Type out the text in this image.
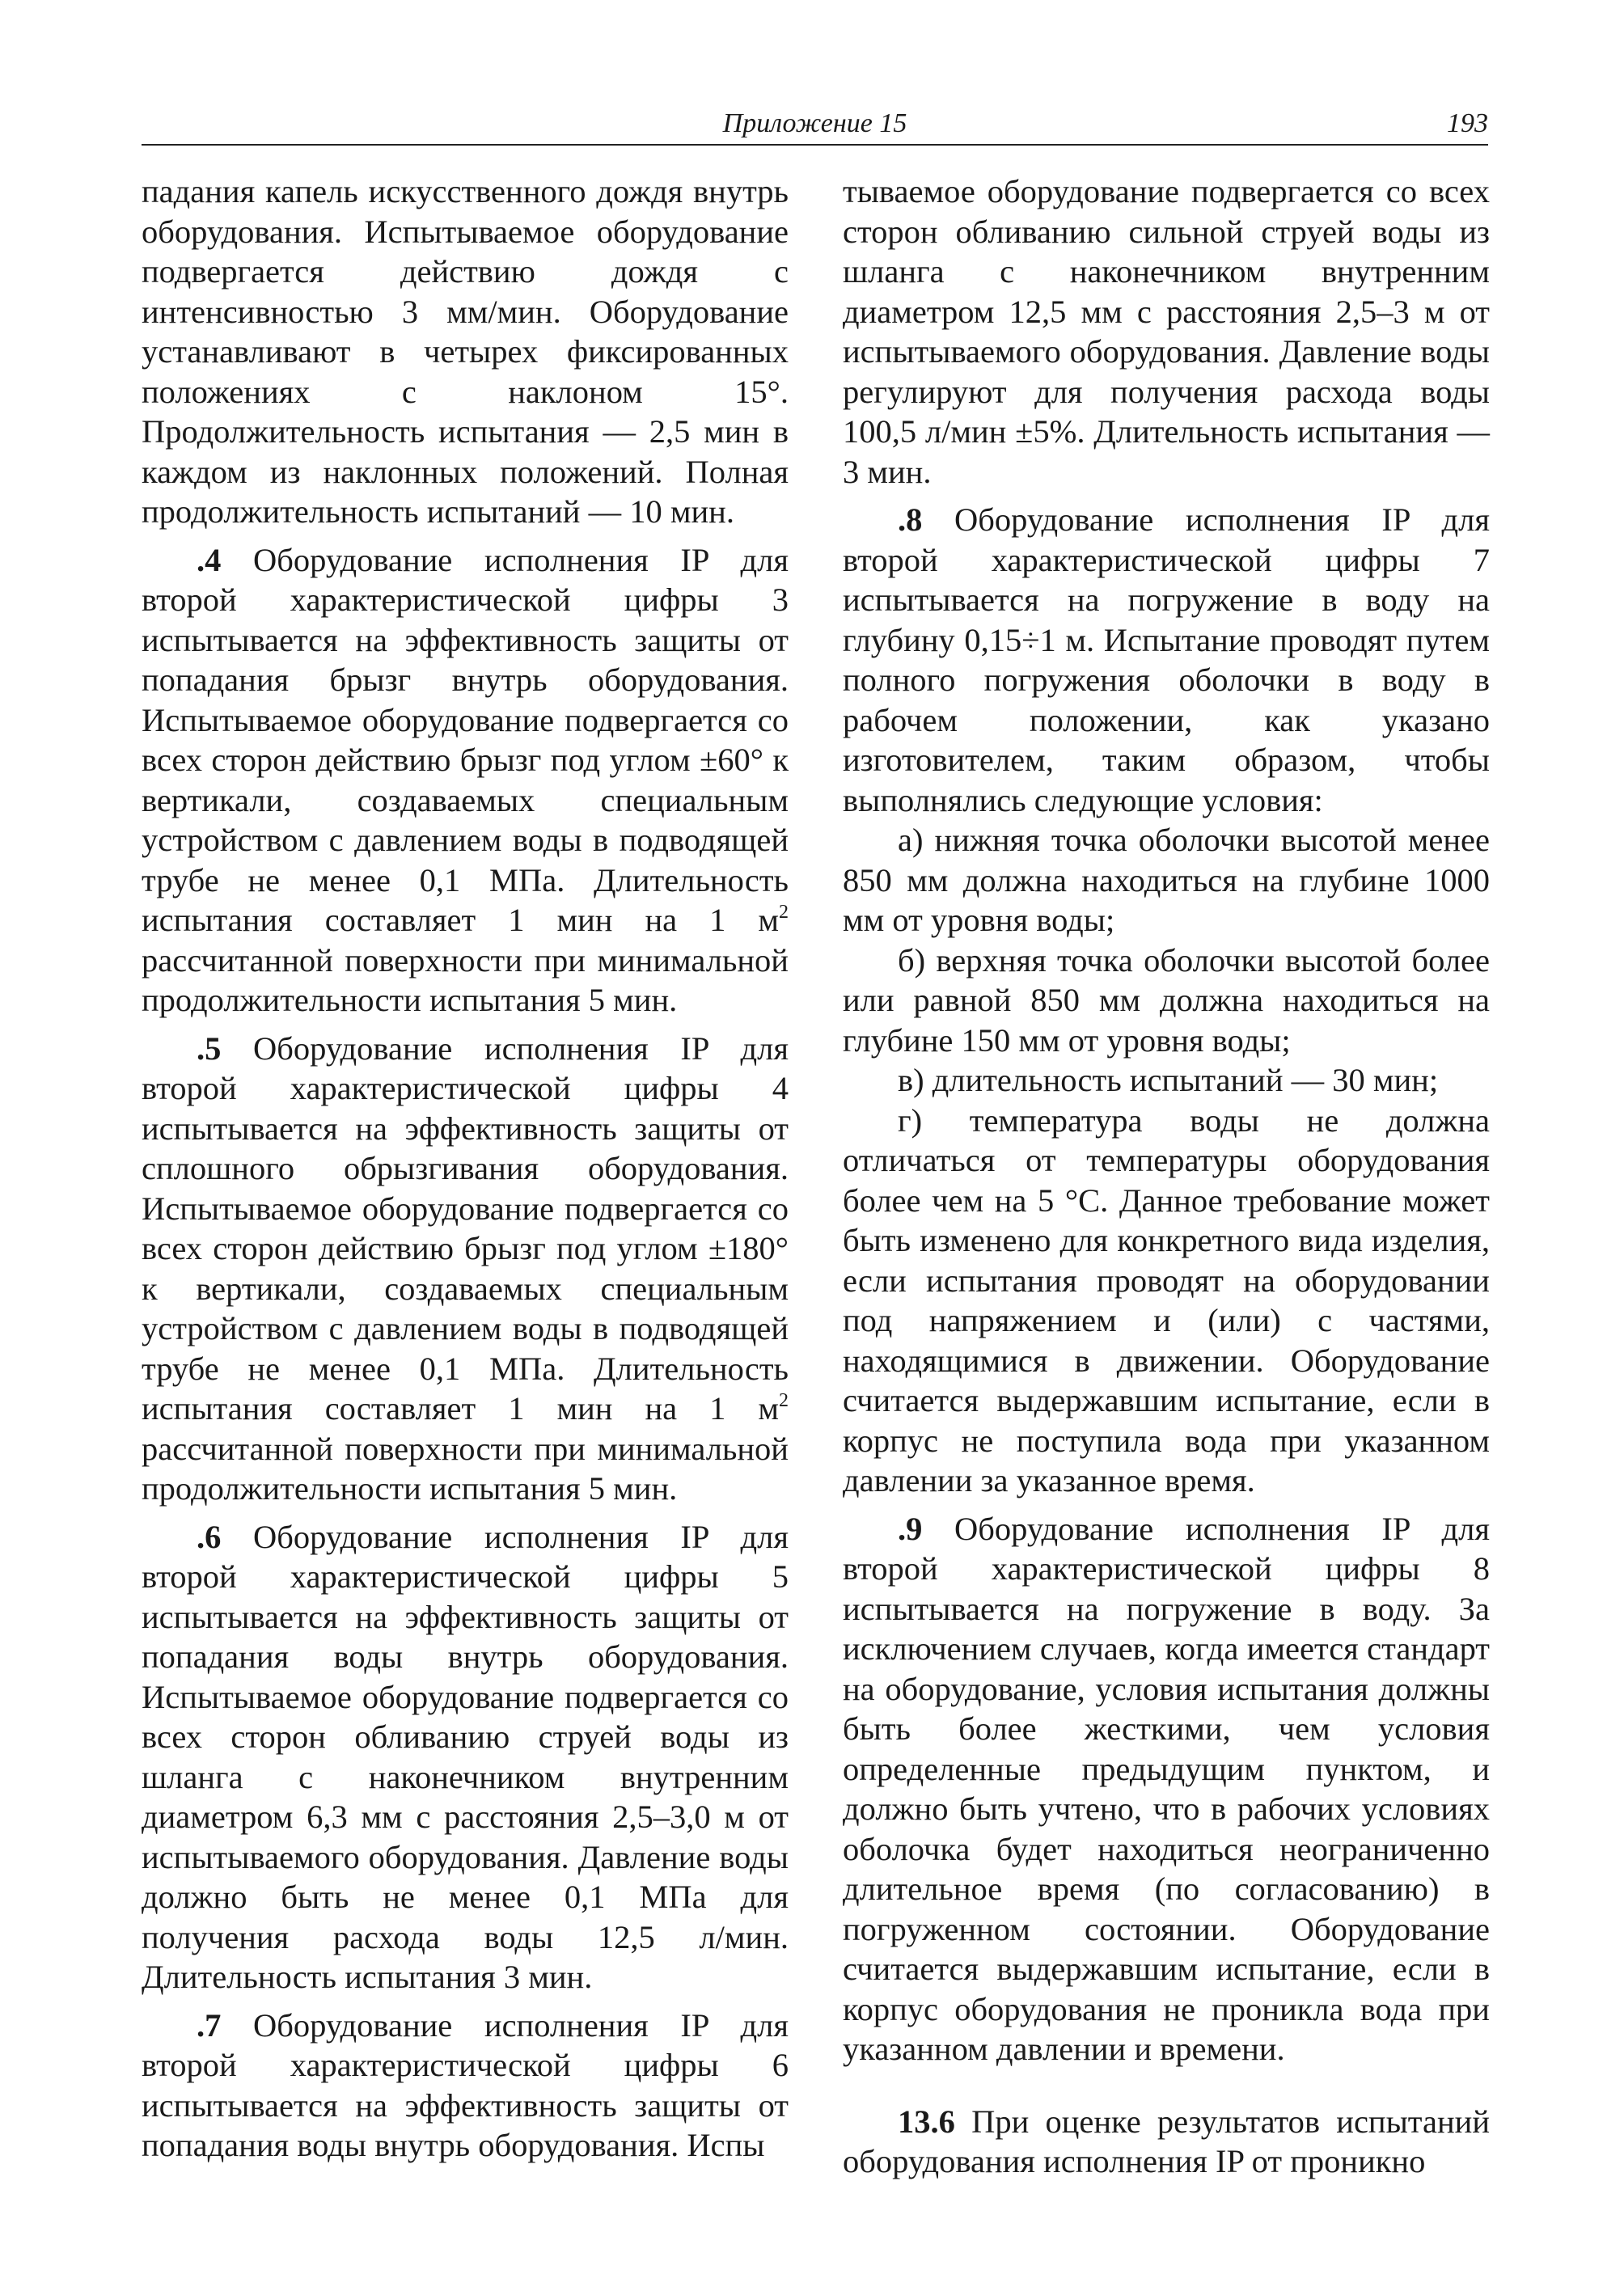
Приложение 15	193

падания капель искусственного дождя внутрь оборудования. Испытываемое оборудование подвергается действию дождя с интенсивностью 3 мм/мин. Оборудование устанавливают в четырех фиксированных положениях с наклоном 15°. Продолжительность испытания — 2,5 мин в каждом из наклонных положений. Полная продолжительность испытаний — 10 мин.

.4 Оборудование исполнения IP для второй характеристической цифры 3 испытывается на эффективность защиты от попадания брызг внутрь оборудования. Испытываемое оборудование подвергается со всех сторон действию брызг под углом ±60° к вертикали, создаваемых специальным устройством с давлением воды в подводящей трубе не менее 0,1 МПа. Длительность испытания составляет 1 мин на 1 $м^2$ рассчитанной поверхности при минимальной продолжительности испытания 5 мин.

.5 Оборудование исполнения IP для второй характеристической цифры 4 испытывается на эффективность защиты от сплошного обрызгивания оборудования. Испытываемое оборудование подвергается со всех сторон действию брызг под углом ±180° к вертикали, создаваемых специальным устройством с давлением воды в подводящей трубе не менее 0,1 МПа. Длительность испытания составляет 1 мин на 1 $м^2$ рассчитанной поверхности при минимальной продолжительности испытания 5 мин.

.6 Оборудование исполнения IP для второй характеристической цифры 5 испытывается на эффективность защиты от попадания воды внутрь оборудования. Испытываемое оборудование подвергается со всех сторон обливанию струей воды из шланга с наконечником внутренним диаметром 6,3 мм с расстояния 2,5–3,0 м от испытываемого оборудования. Давление воды должно быть не менее 0,1 МПа для получения расхода воды 12,5 л/мин. Длительность испытания 3 мин.

.7 Оборудование исполнения IP для второй характеристической цифры 6 испытывается на эффективность защиты от попадания воды внутрь оборудования. Испы

тываемое оборудование подвергается со всех сторон обливанию сильной струей воды из шланга с наконечником внутренним диаметром 12,5 мм с расстояния 2,5–3 м от испытываемого оборудования. Давление воды регулируют для получения расхода воды 100,5 л/мин ±5%. Длительность испытания — 3 мин.

.8 Оборудование исполнения IP для второй характеристической цифры 7 испытывается на погружение в воду на глубину 0,15÷1 м. Испытание проводят путем полного погружения оболочки в воду в рабочем положении, как указано изготовителем, таким образом, чтобы выполнялись следующие условия:

а) нижняя точка оболочки высотой менее 850 мм должна находиться на глубине 1000 мм от уровня воды;

б) верхняя точка оболочки высотой более или равной 850 мм должна находиться на глубине 150 мм от уровня воды;

в) длительность испытаний — 30 мин;

г) температура воды не должна отличаться от температуры оборудования более чем на 5 °С. Данное требование может быть изменено для конкретного вида изделия, если испытания проводят на оборудовании под напряжением и (или) с частями, находящимися в движении. Оборудование считается выдержавшим испытание, если в корпус не поступила вода при указанном давлении за указанное время.

.9 Оборудование исполнения IP для второй характеристической цифры 8 испытывается на погружение в воду. За исключением случаев, когда имеется стандарт на оборудование, условия испытания должны быть более жесткими, чем условия определенные предыдущим пунктом, и должно быть учтено, что в рабочих условиях оболочка будет находиться неограниченно длительное время (по согласованию) в погруженном состоянии. Оборудование считается выдержавшим испытание, если в корпус оборудования не проникла вода при указанном давлении и времени.

13.6 При оценке результатов испытаний оборудования исполнения IP от проникно
